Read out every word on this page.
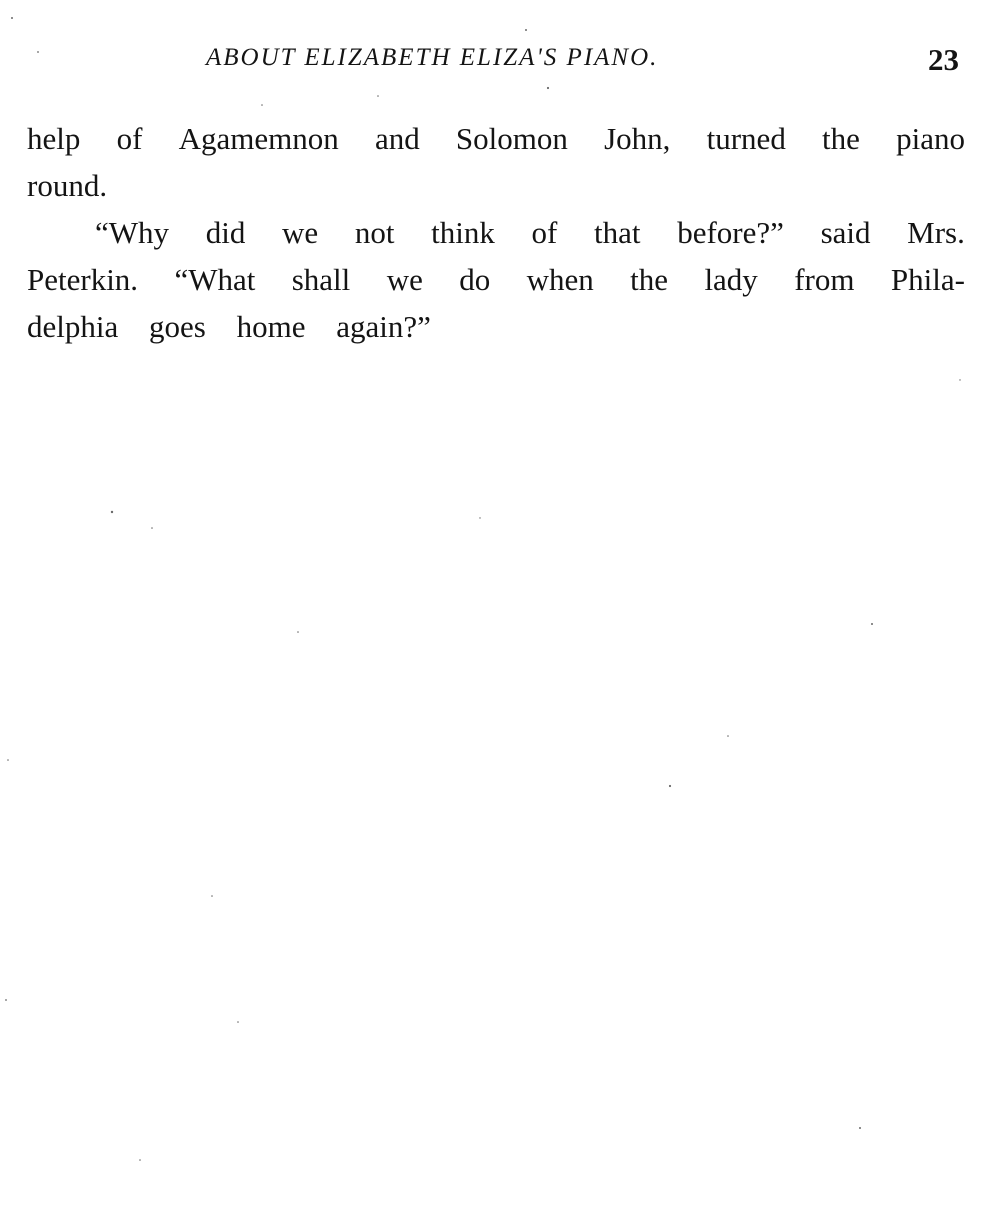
ABOUT ELIZABETH ELIZA'S PIANO.	23
help of Agamemnon and Solomon John, turned the piano
round.
“Why did we not think of that before?” said Mrs.
Peterkin. “What shall we do when the lady from Phila-
delphia goes home again?”
